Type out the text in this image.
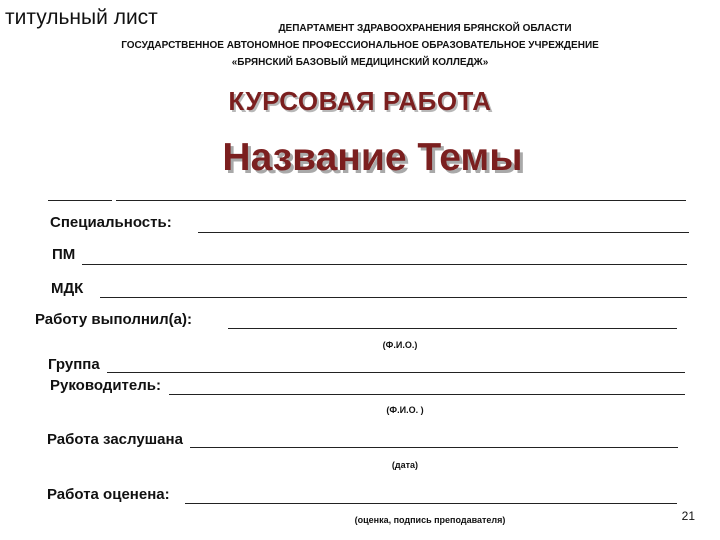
титульный лист	ДЕПАРТАМЕНТ ЗДРАВООХРАНЕНИЯ БРЯНСКОЙ ОБЛАСТИ
ГОСУДАРСТВЕННОЕ АВТОНОМНОЕ ПРОФЕССИОНАЛЬНОЕ ОБРАЗОВАТЕЛЬНОЕ УЧРЕЖДЕНИЕ
«БРЯНСКИЙ БАЗОВЫЙ МЕДИЦИНСКИЙ КОЛЛЕДЖ»
КУРСОВАЯ РАБОТА
Название Темы
Специальность:
ПМ
МДК
Работу выполнил(а):
(Ф.И.О.)
Группа
Руководитель:
(Ф.И.О. )
Работа заслушана
(дата)
Работа оценена:
(оценка, подпись преподавателя)	21
